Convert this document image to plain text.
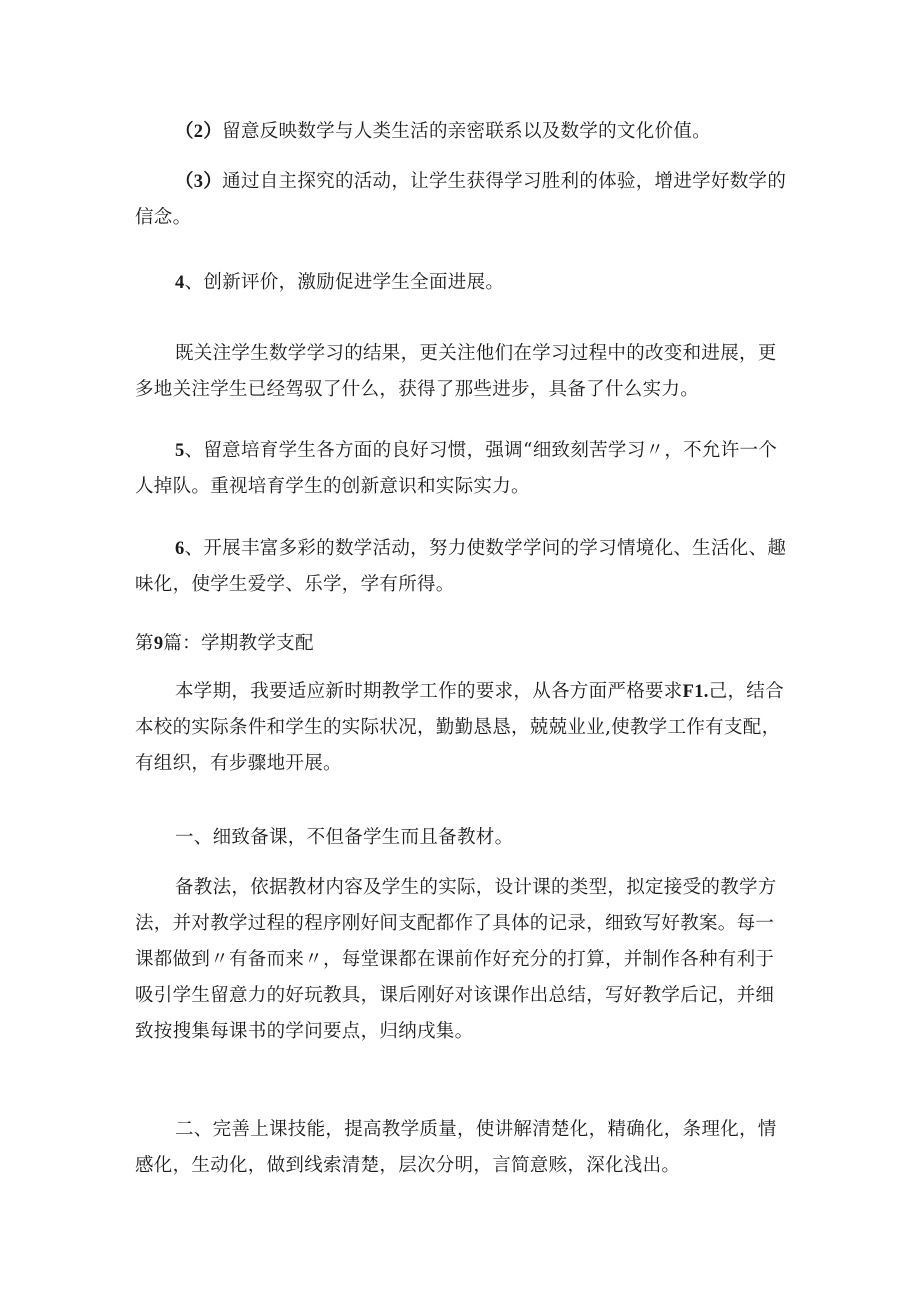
（2）留意反映数学与人类生活的亲密联系以及数学的文化价值。

（3）通过自主探究的活动，让学生获得学习胜利的体验，增进学好数学的信念。

4、创新评价，激励促进学生全面进展。

既关注学生数学学习的结果，更关注他们在学习过程中的改变和进展，更多地关注学生已经驾驭了什么，获得了那些进步，具备了什么实力。

5、留意培育学生各方面的良好习惯，强调“细致刻苦学习〃，不允许一个人掉队。重视培育学生的创新意识和实际实力。

6、开展丰富多彩的数学活动，努力使数学学问的学习情境化、生活化、趣味化，使学生爱学、乐学，学有所得。

第9篇：学期教学支配

本学期，我要适应新时期教学工作的要求，从各方面严格要求F1.己，结合本校的实际条件和学生的实际状况，勤勤恳恳，兢兢业业,使教学工作有支配，有组织，有步骤地开展。

一、细致备课，不但备学生而且备教材。

备教法，依据教材内容及学生的实际，设计课的类型，拟定接受的教学方法，并对教学过程的程序刚好间支配都作了具体的记录，细致写好教案。每一课都做到〃有备而来〃，每堂课都在课前作好充分的打算，并制作各种有利于吸引学生留意力的好玩教具，课后刚好对该课作出总结，写好教学后记，并细致按搜集每课书的学问要点，归纳戌集。

二、完善上课技能，提高教学质量，使讲解清楚化，精确化，条理化，情感化，生动化，做到线索清楚，层次分明，言简意赅，深化浅出。
